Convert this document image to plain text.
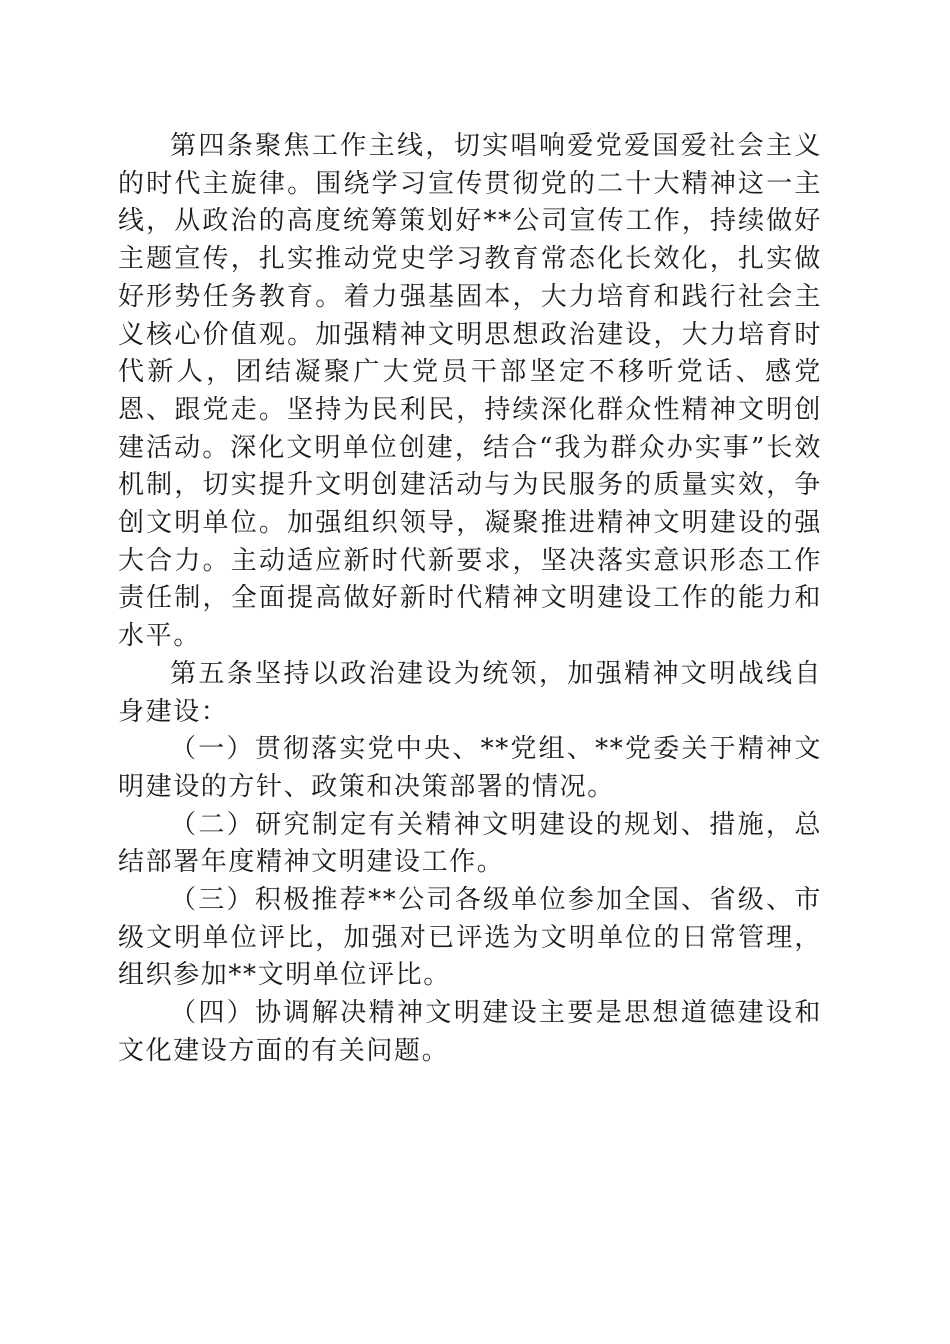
第四条聚焦工作主线，切实唱响爱党爱国爱社会主义的时代主旋律。围绕学习宣传贯彻党的二十大精神这一主线，从政治的高度统筹策划好**公司宣传工作，持续做好主题宣传，扎实推动党史学习教育常态化长效化，扎实做好形势任务教育。着力强基固本，大力培育和践行社会主义核心价值观。加强精神文明思想政治建设，大力培育时代新人，团结凝聚广大党员干部坚定不移听党话、感党恩、跟党走。坚持为民利民，持续深化群众性精神文明创建活动。深化文明单位创建，结合“我为群众办实事”长效机制，切实提升文明创建活动与为民服务的质量实效，争创文明单位。加强组织领导，凝聚推进精神文明建设的强大合力。主动适应新时代新要求，坚决落实意识形态工作责任制，全面提高做好新时代精神文明建设工作的能力和水平。

第五条坚持以政治建设为统领，加强精神文明战线自身建设：

（一）贯彻落实党中央、**党组、**党委关于精神文明建设的方针、政策和决策部署的情况。

（二）研究制定有关精神文明建设的规划、措施，总结部署年度精神文明建设工作。

（三）积极推荐**公司各级单位参加全国、省级、市级文明单位评比，加强对已评选为文明单位的日常管理，组织参加**文明单位评比。

（四）协调解决精神文明建设主要是思想道德建设和文化建设方面的有关问题。
